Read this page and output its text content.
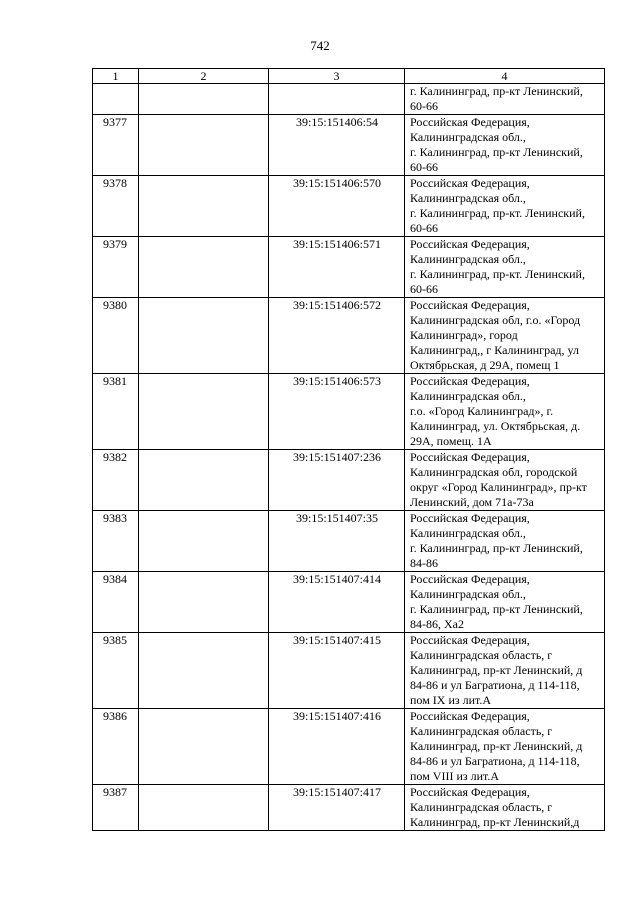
742
1	2	3	4

			г. Калининград, пр-кт Ленинский,
60-66

9377		39:15:151406:54	Российская Федерация,
Калининградская обл.,
г. Калининград, пр-кт Ленинский,
60-66

9378		39:15:151406:570	Российская Федерация,
Калининградская обл.,
г. Калининград, пр-кт. Ленинский,
60-66

9379		39:15:151406:571	Российская Федерация,
Калининградская обл.,
г. Калининград, пр-кт. Ленинский,
60-66

9380		39:15:151406:572	Российская Федерация,
Калининградская обл, г.о. «Город
Калининград», город
Калининград,, г Калининград, ул
Октябрьская, д 29А, помещ 1

9381		39:15:151406:573	Российская Федерация,
Калининградская обл.,
г.о. «Город Калининград», г.
Калининград, ул. Октябрьская, д.
29А, помещ. 1А

9382		39:15:151407:236	Российская Федерация,
Калининградская обл, городской
округ «Город Калининград», пр-кт
Ленинский, дом 71а-73а

9383		39:15:151407:35	Российская Федерация,
Калининградская обл.,
г. Калининград, пр-кт Ленинский,
84-86

9384		39:15:151407:414	Российская Федерация,
Калининградская обл.,
г. Калининград, пр-кт Ленинский,
84-86, Ха2

9385		39:15:151407:415	Российская Федерация,
Калининградская область, г
Калининград, пр-кт Ленинский, д
84-86 и ул Багратиона, д 114-118,
пом IX из лит.А

9386		39:15:151407:416	Российская Федерация,
Калининградская область, г
Калининград, пр-кт Ленинский, д
84-86 и ул Багратиона, д 114-118,
пом VIII из лит.А

9387		39:15:151407:417	Российская Федерация,
Калининградская область, г
Калининград, пр-кт Ленинский,д
